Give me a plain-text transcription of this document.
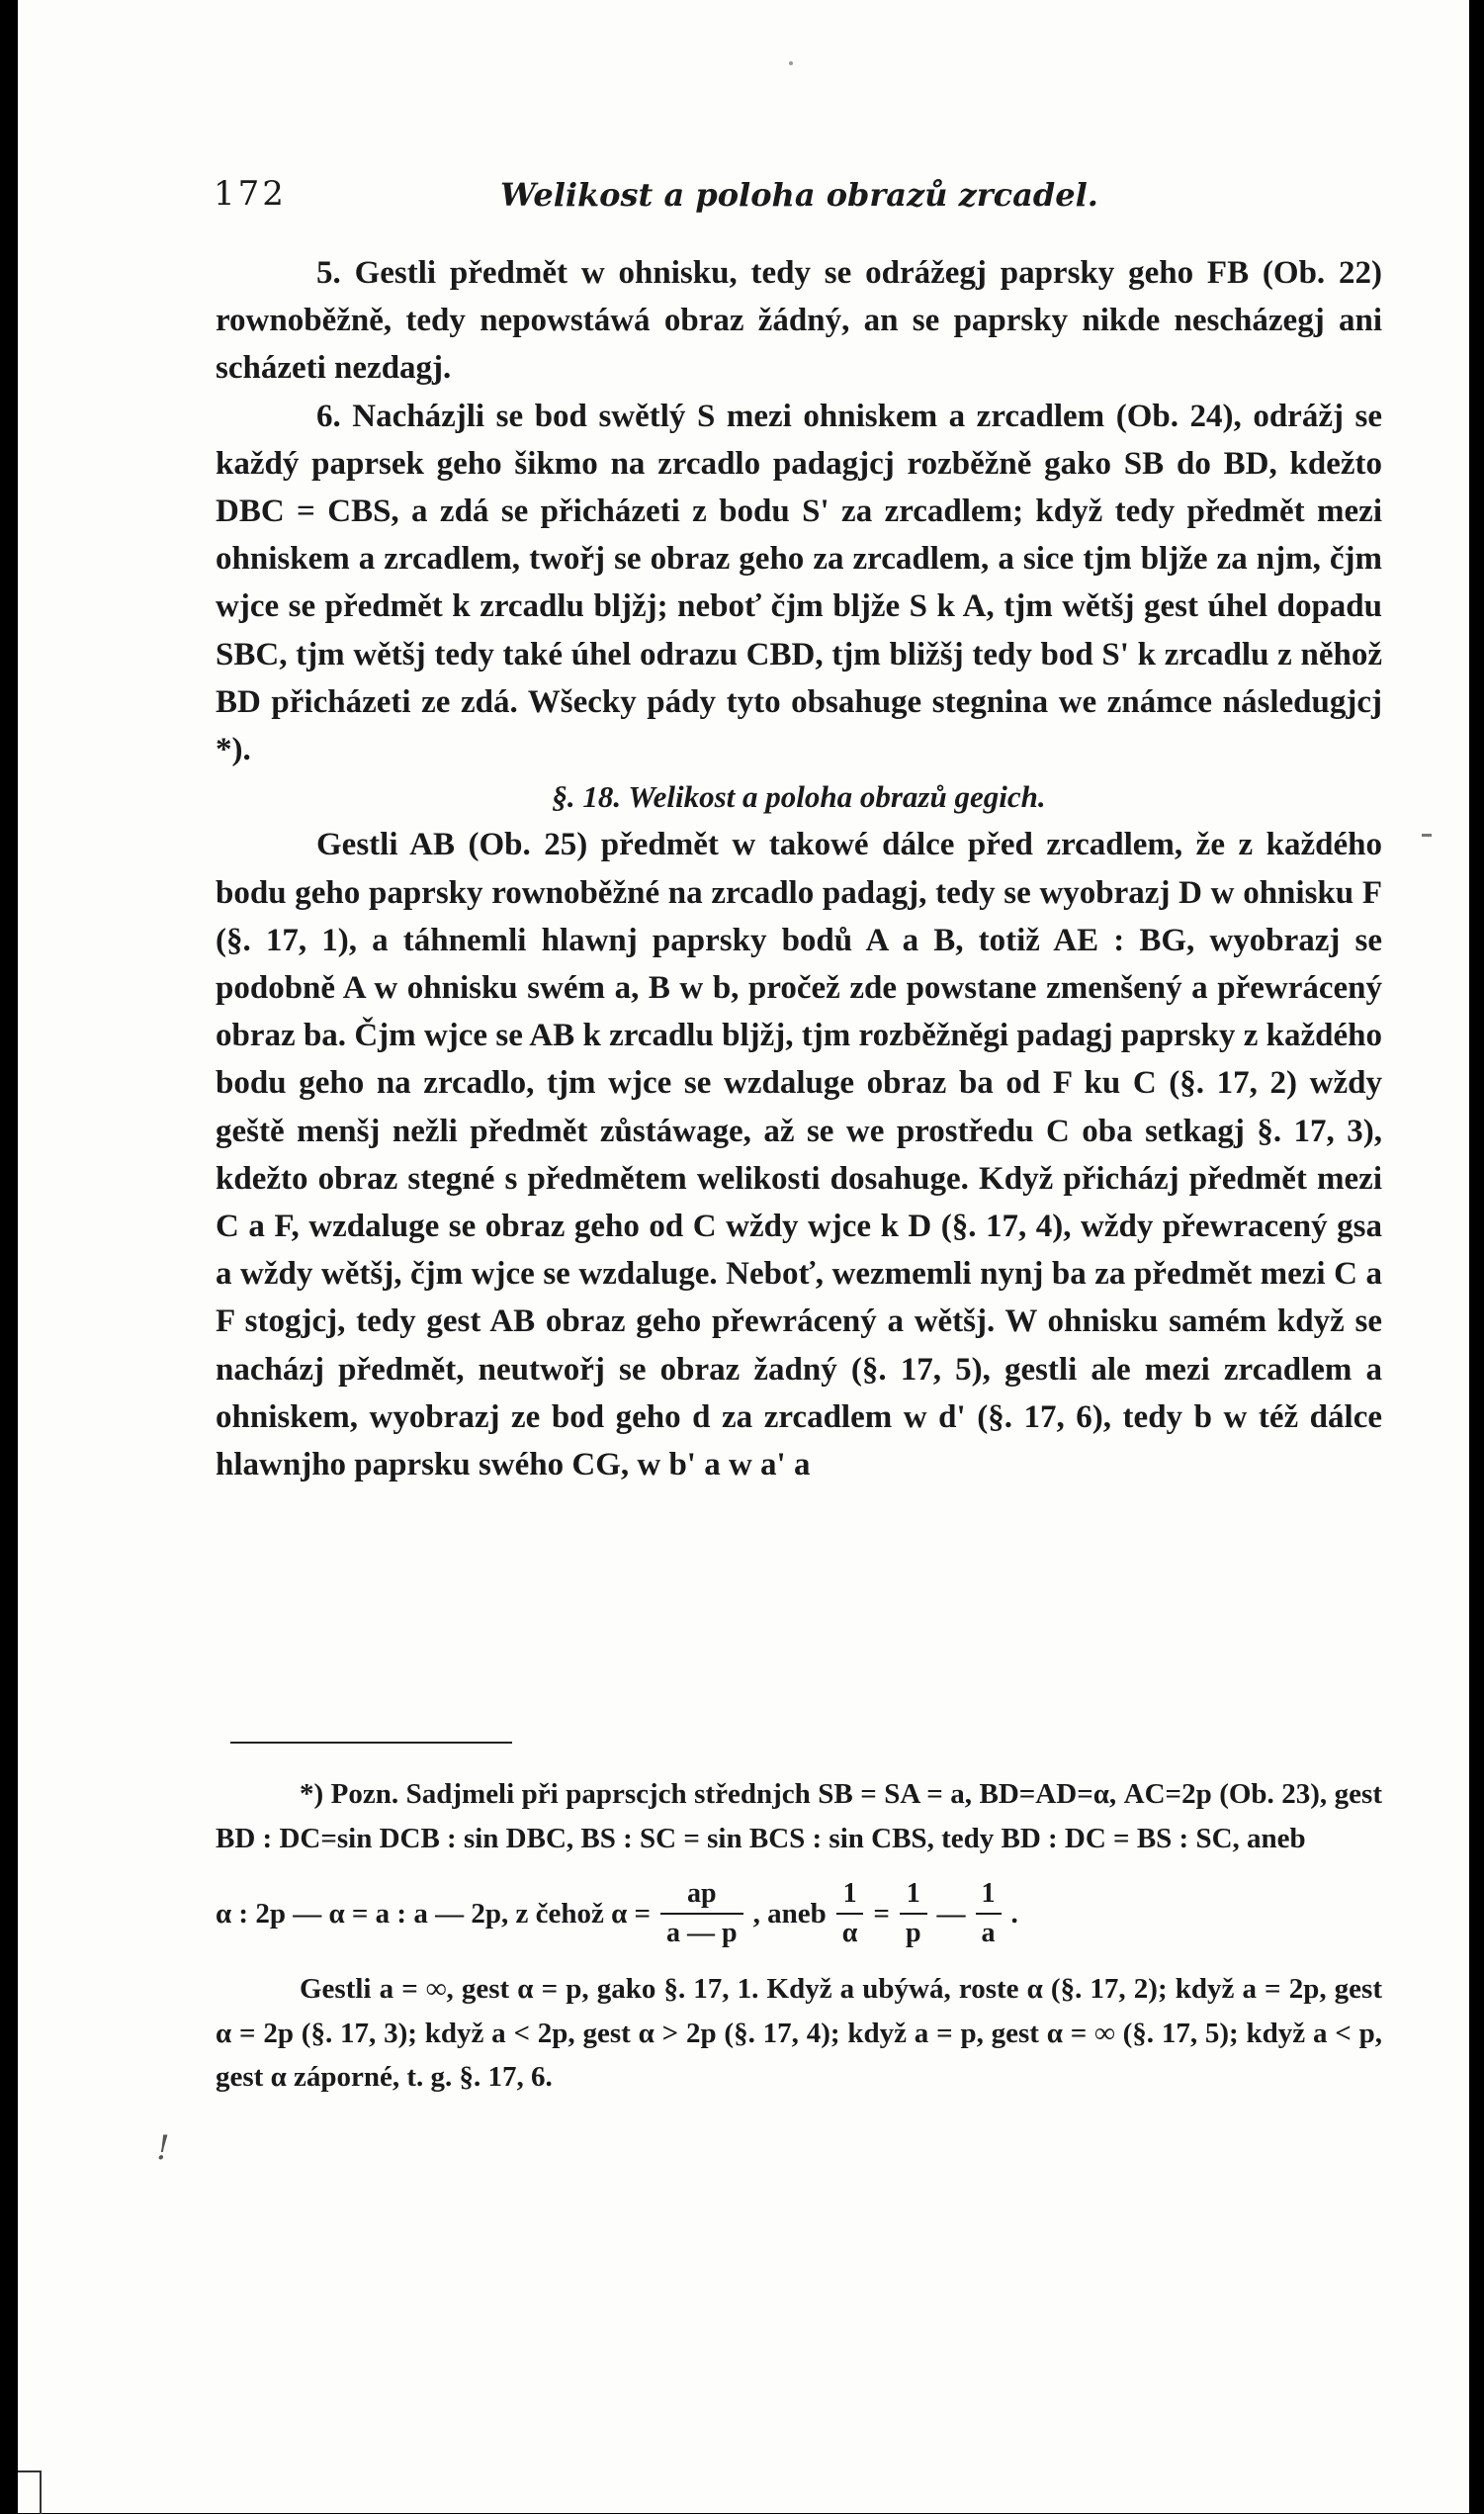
172	Welikost a poloha obrazů zrcadel.

5. Gestli předmět w ohnisku, tedy se odrážegj paprsky geho FB (Ob. 22) rownoběžně, tedy nepowstáwá obraz žádný, an se paprsky nikde nescházegj ani scházeti nezdagj.

6. Nacházjli se bod swětlý S mezi ohniskem a zrcadlem (Ob. 24), odrážj se každý paprsek geho šikmo na zrcadlo padagjcj rozběžně gako SB do BD, kdežto DBC = CBS, a zdá se přicházeti z bodu S' za zrcadlem; když tedy předmět mezi ohniskem a zrcadlem, twořj se obraz geho za zrcadlem, a sice tjm bljže za njm, čjm wjce se předmět k zrcadlu bljžj; neboť čjm bljže S k A, tjm wětšj gest úhel dopadu SBC, tjm wětšj tedy také úhel odrazu CBD, tjm bližšj tedy bod S' k zrcadlu z něhož BD přicházeti ze zdá. Wšecky pády tyto obsahuge stegnina we známce následugjcj *).

§. 18. Welikost a poloha obrazů gegich.

Gestli AB (Ob. 25) předmět w takowé dálce před zrcadlem, že z každého bodu geho paprsky rownoběžné na zrcadlo padagj, tedy se wyobrazj D w ohnisku F (§. 17, 1), a táhnemli hlawnj paprsky bodů A a B, totiž AE : BG, wyobrazj se podobně A w ohnisku swém a, B w b, pročež zde powstane zmenšený a přewrácený obraz ba. Čjm wjce se AB k zrcadlu bljžj, tjm rozběžněgi padagj paprsky z každého bodu geho na zrcadlo, tjm wjce se wzdaluge obraz ba od F ku C (§. 17, 2) wždy geště menšj nežli předmět zůstáwage, až se we prostředu C oba setkagj §. 17, 3), kdežto obraz stegné s předmětem welikosti dosahuge. Když přicházj předmět mezi C a F, wzdaluge se obraz geho od C wždy wjce k D (§. 17, 4), wždy přewracený gsa a wždy wětšj, čjm wjce se wzdaluge. Neboť, wezmemli nynj ba za předmět mezi C a F stogjcj, tedy gest AB obraz geho přewrácený a wětšj. W ohnisku samém když se nacházj předmět, neutwořj se obraz žadný (§. 17, 5), gestli ale mezi zrcadlem a ohniskem, wyobrazj ze bod geho d za zrcadlem w d' (§. 17, 6), tedy b w též dálce hlawnjho paprsku swého CG, w b' a w a' a

*) Pozn. Sadjmeli při paprscjch střednjch SB = SA = a, BD=AD=α, AC=2p (Ob. 23), gest BD : DC=sin DCB : sin DBC, BS : SC = sin BCS : sin CBS, tedy BD : DC = BS : SC, aneb

α : 2p — α = a : a — 2p, z čehož $\alpha = \frac{ap}{a — p}$ , aneb $\frac{1}{\alpha} = \frac{1}{p}$ — $\frac{1}{a}$ .

Gestli a = ∞, gest α = p, gako §. 17, 1. Když a ubýwá, roste α (§. 17, 2); když a = 2p, gest α = 2p (§. 17, 3); když a < 2p, gest α > 2p (§. 17, 4); když a = p, gest α = ∞ (§. 17, 5); když a < p, gest α záporné, t. g. §. 17, 6.

!
